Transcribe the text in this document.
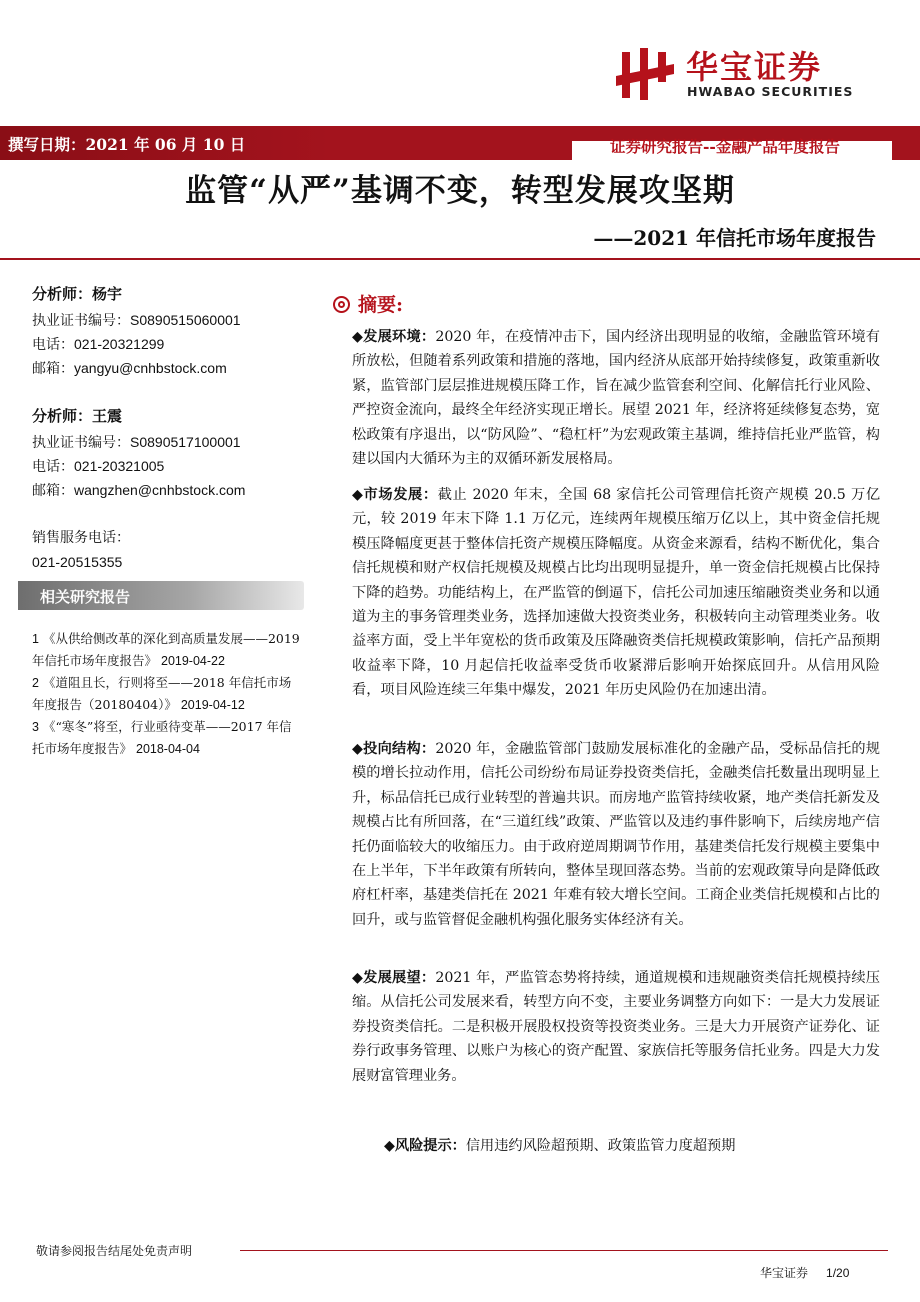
华宝证券
HWABAO SECURITIES
撰写日期：2021 年 06 月 10 日	证券研究报告--金融产品年度报告
监管“从严”基调不变，转型发展攻坚期
——2021 年信托市场年度报告
分析师：杨宇
执业证书编号：S0890515060001
电话：021-20321299
邮箱：yangyu@cnhbstock.com
分析师：王震
执业证书编号：S0890517100001
电话：021-20321005
邮箱：wangzhen@cnhbstock.com
销售服务电话：
021-20515355
相关研究报告
1 《从供给侧改革的深化到高质量发展——2019 年信托市场年度报告》 2019-04-22
2 《道阻且长，行则将至——2018 年信托市场年度报告（20180404）》 2019-04-12
3 《“寒冬”将至，行业亟待变革——2017 年信托市场年度报告》 2018-04-04
摘要:
◆发展环境：2020 年，在疫情冲击下，国内经济出现明显的收缩，金融监管环境有所放松，但随着系列政策和措施的落地，国内经济从底部开始持续修复，政策重新收紧，监管部门层层推进规模压降工作，旨在减少监管套利空间、化解信托行业风险、严控资金流向，最终全年经济实现正增长。展望 2021 年，经济将延续修复态势，宽松政策有序退出，以“防风险”、“稳杠杆”为宏观政策主基调，维持信托业严监管，构建以国内大循环为主的双循环新发展格局。
◆市场发展：截止 2020 年末，全国 68 家信托公司管理信托资产规模 20.5 万亿元，较 2019 年末下降 1.1 万亿元，连续两年规模压缩万亿以上，其中资金信托规模压降幅度更甚于整体信托资产规模压降幅度。从资金来源看，结构不断优化，集合信托规模和财产权信托规模及规模占比均出现明显提升，单一资金信托规模占比保持下降的趋势。功能结构上，在严监管的倒逼下，信托公司加速压缩融资类业务和以通道为主的事务管理类业务，选择加速做大投资类业务，积极转向主动管理类业务。收益率方面，受上半年宽松的货币政策及压降融资类信托规模政策影响，信托产品预期收益率下降，10 月起信托收益率受货币收紧滞后影响开始探底回升。从信用风险看，项目风险连续三年集中爆发，2021 年历史风险仍在加速出清。
◆投向结构：2020 年，金融监管部门鼓励发展标准化的金融产品，受标品信托的规模的增长拉动作用，信托公司纷纷布局证券投资类信托，金融类信托数量出现明显上升，标品信托已成行业转型的普遍共识。而房地产监管持续收紧，地产类信托新发及规模占比有所回落，在“三道红线”政策、严监管以及违约事件影响下，后续房地产信托仍面临较大的收缩压力。由于政府逆周期调节作用，基建类信托发行规模主要集中在上半年，下半年政策有所转向，整体呈现回落态势。当前的宏观政策导向是降低政府杠杆率，基建类信托在 2021 年难有较大增长空间。工商企业类信托规模和占比的回升，或与监管督促金融机构强化服务实体经济有关。
◆发展展望：2021 年，严监管态势将持续，通道规模和违规融资类信托规模持续压缩。从信托公司发展来看，转型方向不变，主要业务调整方向如下：一是大力发展证券投资类信托。二是积极开展股权投资等投资类业务。三是大力开展资产证券化、证券行政事务管理、以账户为核心的资产配置、家族信托等服务信托业务。四是大力发展财富管理业务。
◆风险提示：信用违约风险超预期、政策监管力度超预期
敬请参阅报告结尾处免责声明
华宝证券 1/20
